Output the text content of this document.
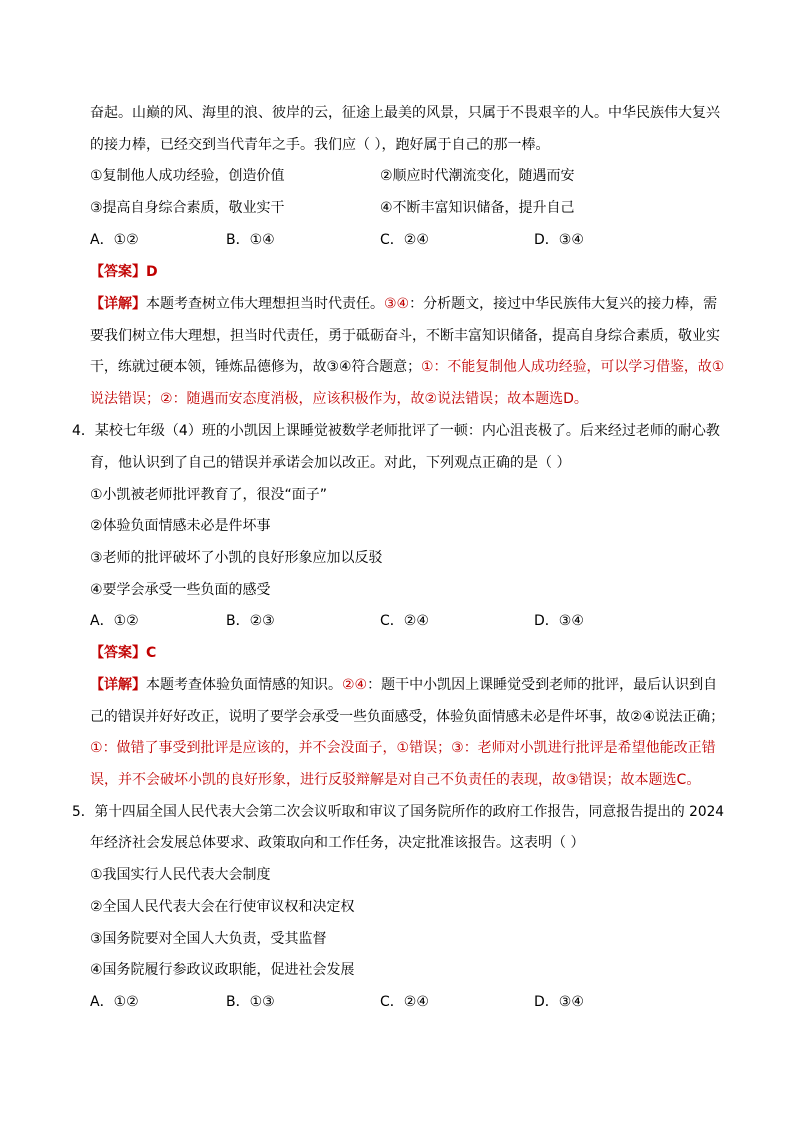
奋起。山巅的风、海里的浪、彼岸的云，征途上最美的风景，只属于不畏艰辛的人。中华民族伟大复兴
的接力棒，已经交到当代青年之手。我们应（ ），跑好属于自己的那一棒。
①复制他人成功经验，创造价值	②顺应时代潮流变化，随遇而安
③提高自身综合素质，敬业实干	④不断丰富知识储备，提升自己
A．①②	B．①④	C．②④	D．③④
【答案】D
【详解】本题考查树立伟大理想担当时代责任。③④：分析题文，接过中华民族伟大复兴的接力棒，需
要我们树立伟大理想，担当时代责任，勇于砥砺奋斗，不断丰富知识储备，提高自身综合素质，敬业实
干，练就过硬本领，锤炼品德修为，故③④符合题意；①：不能复制他人成功经验，可以学习借鉴，故①
说法错误；②：随遇而安态度消极，应该积极作为，故②说法错误；故本题选D。
4．某校七年级（4）班的小凯因上课睡觉被数学老师批评了一顿：内心沮丧极了。后来经过老师的耐心教
育，他认识到了自己的错误并承诺会加以改正。对此，下列观点正确的是（ ）
①小凯被老师批评教育了，很没“面子”
②体验负面情感未必是件坏事
③老师的批评破坏了小凯的良好形象应加以反驳
④要学会承受一些负面的感受
A．①②	B．②③	C．②④	D．③④
【答案】C
【详解】本题考查体验负面情感的知识。②④：题干中小凯因上课睡觉受到老师的批评，最后认识到自
己的错误并好好改正，说明了要学会承受一些负面感受，体验负面情感未必是件坏事，故②④说法正确；
①：做错了事受到批评是应该的，并不会没面子，①错误；③：老师对小凯进行批评是希望他能改正错
误，并不会破坏小凯的良好形象，进行反驳辩解是对自己不负责任的表现，故③错误；故本题选C。
5．第十四届全国人民代表大会第二次会议听取和审议了国务院所作的政府工作报告，同意报告提出的 2024
年经济社会发展总体要求、政策取向和工作任务，决定批准该报告。这表明（ ）
①我国实行人民代表大会制度
②全国人民代表大会在行使审议权和决定权
③国务院要对全国人大负责，受其监督
④国务院履行参政议政职能，促进社会发展
A．①②	B．①③	C．②④	D．③④
